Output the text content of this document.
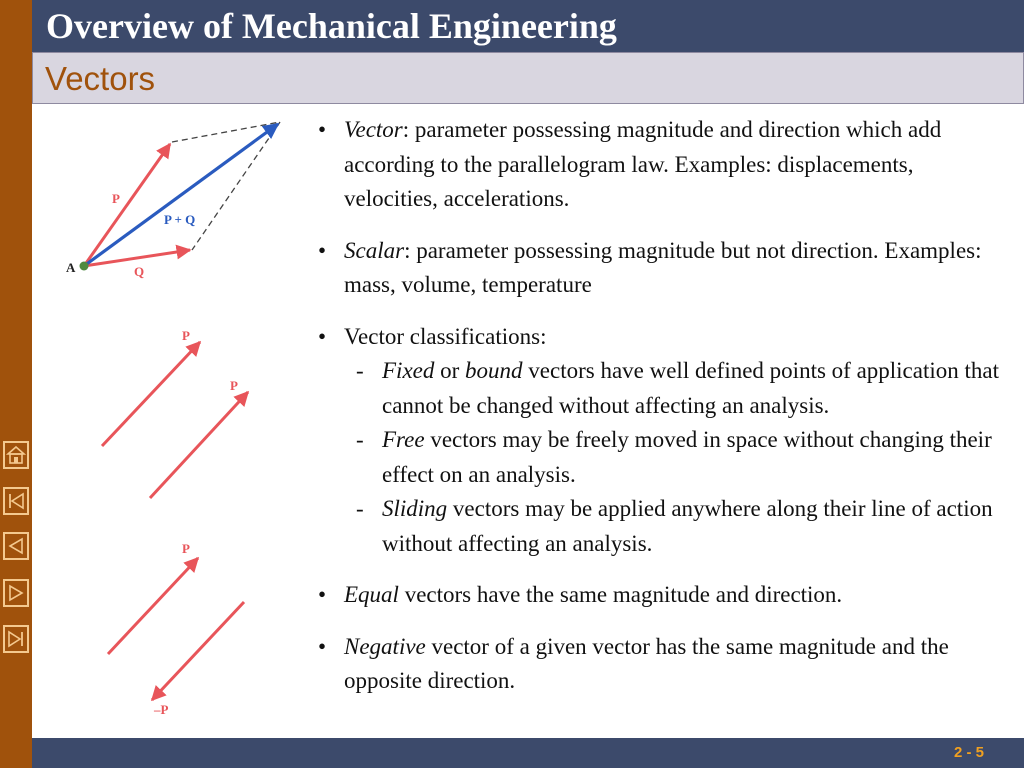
Overview of Mechanical Engineering
Vectors
A
P
Q
P + Q
P
P
P
–P
• Vector: parameter possessing magnitude and direction which add according to the parallelogram law. Examples: displacements, velocities, accelerations.
• Scalar: parameter possessing magnitude but not direction. Examples: mass, volume, temperature
• Vector classifications:
- Fixed or bound vectors have well defined points of application that cannot be changed without affecting an analysis.
- Free vectors may be freely moved in space without changing their effect on an analysis.
- Sliding vectors may be applied anywhere along their line of action without affecting an analysis.
• Equal vectors have the same magnitude and direction.
• Negative vector of a given vector has the same magnitude and the opposite direction.
2 - 5
